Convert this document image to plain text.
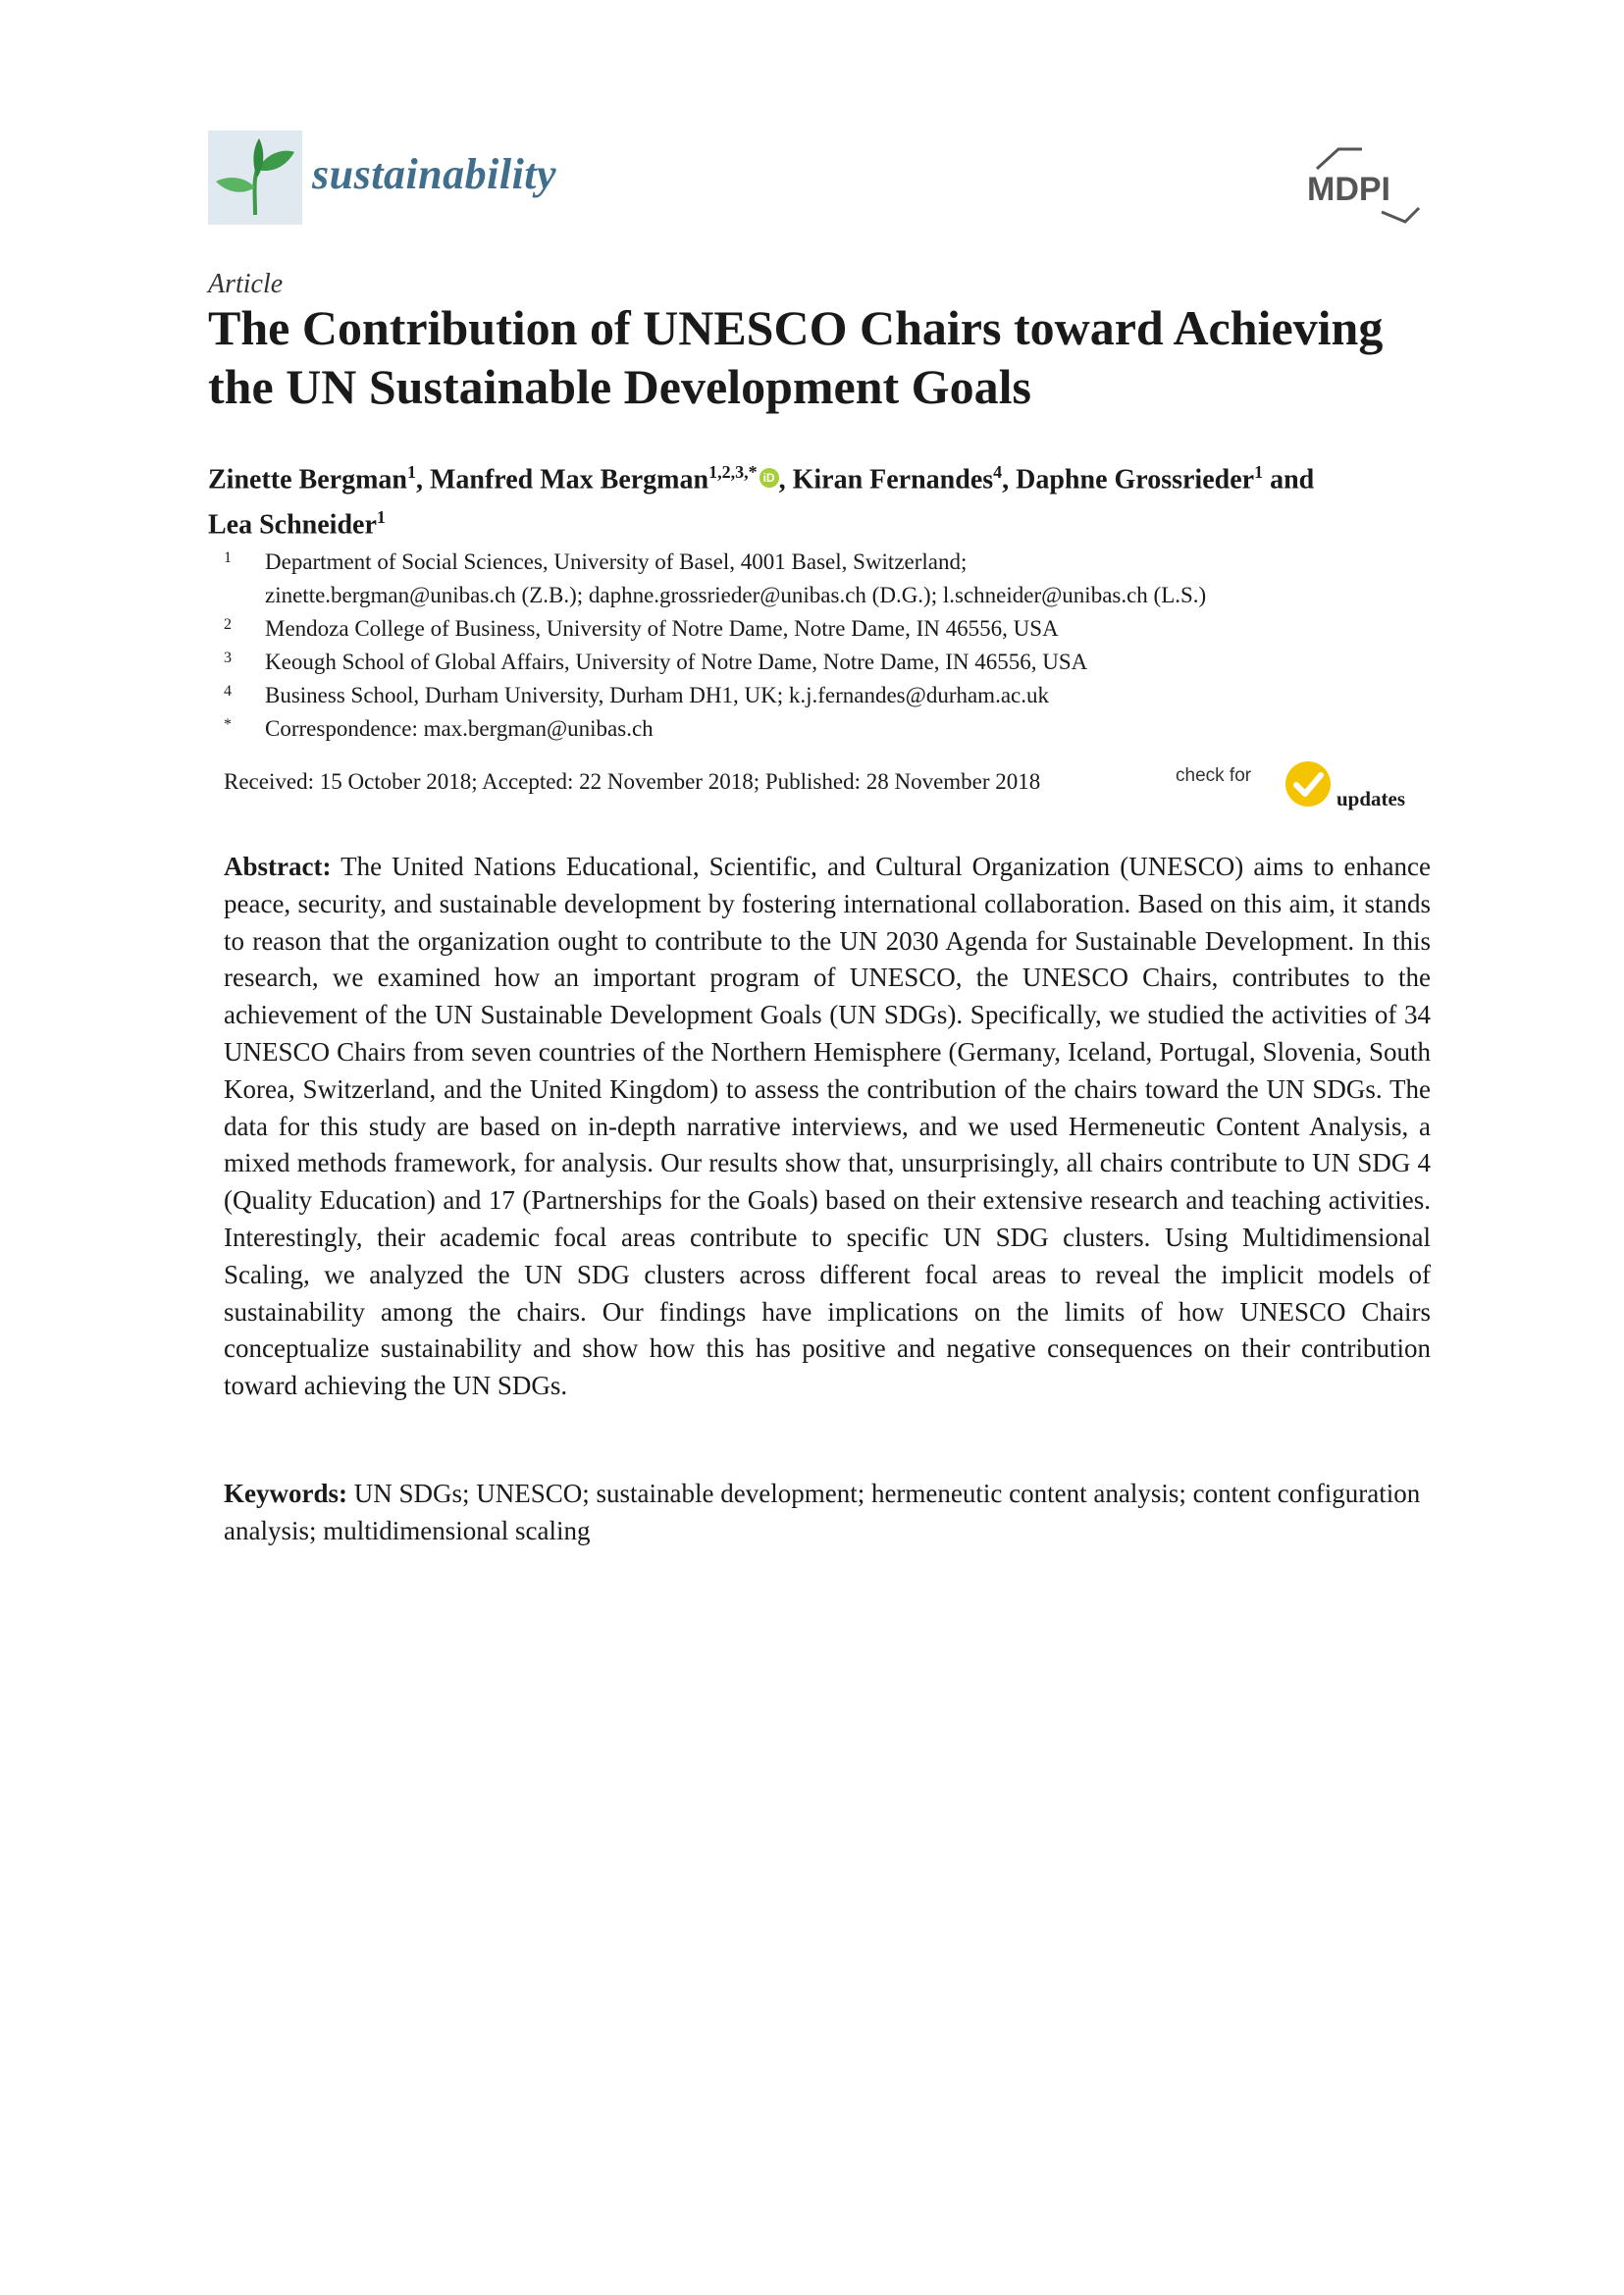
sustainability	MDPI
Article
The Contribution of UNESCO Chairs toward Achieving the UN Sustainable Development Goals
Zinette Bergman$^1$, Manfred Max Bergman$^{1,2,3,*}$ iD , Kiran Fernandes$^4$, Daphne Grossrieder$^1$ and
Lea Schneider$^1$
1	Department of Social Sciences, University of Basel, 4001 Basel, Switzerland;
zinette.bergman@unibas.ch (Z.B.); daphne.grossrieder@unibas.ch (D.G.); l.schneider@unibas.ch (L.S.)
2	Mendoza College of Business, University of Notre Dame, Notre Dame, IN 46556, USA
3	Keough School of Global Affairs, University of Notre Dame, Notre Dame, IN 46556, USA
4	Business School, Durham University, Durham DH1, UK; k.j.fernandes@durham.ac.uk
*	Correspondence: max.bergman@unibas.ch
Received: 15 October 2018; Accepted: 22 November 2018; Published: 28 November 2018	check for
updates
Abstract: The United Nations Educational, Scientific, and Cultural Organization (UNESCO) aims to enhance peace, security, and sustainable development by fostering international collaboration. Based on this aim, it stands to reason that the organization ought to contribute to the UN 2030 Agenda for Sustainable Development. In this research, we examined how an important program of UNESCO, the UNESCO Chairs, contributes to the achievement of the UN Sustainable Development Goals (UN SDGs). Specifically, we studied the activities of 34 UNESCO Chairs from seven countries of the Northern Hemisphere (Germany, Iceland, Portugal, Slovenia, South Korea, Switzerland, and the United Kingdom) to assess the contribution of the chairs toward the UN SDGs. The data for this study are based on in-depth narrative interviews, and we used Hermeneutic Content Analysis, a mixed methods framework, for analysis. Our results show that, unsurprisingly, all chairs contribute to UN SDG 4 (Quality Education) and 17 (Partnerships for the Goals) based on their extensive research and teaching activities. Interestingly, their academic focal areas contribute to specific UN SDG clusters. Using Multidimensional Scaling, we analyzed the UN SDG clusters across different focal areas to reveal the implicit models of sustainability among the chairs. Our findings have implications on the limits of how UNESCO Chairs conceptualize sustainability and show how this has positive and negative consequences on their contribution toward achieving the UN SDGs.
Keywords: UN SDGs; UNESCO; sustainable development; hermeneutic content analysis; content configuration analysis; multidimensional scaling
